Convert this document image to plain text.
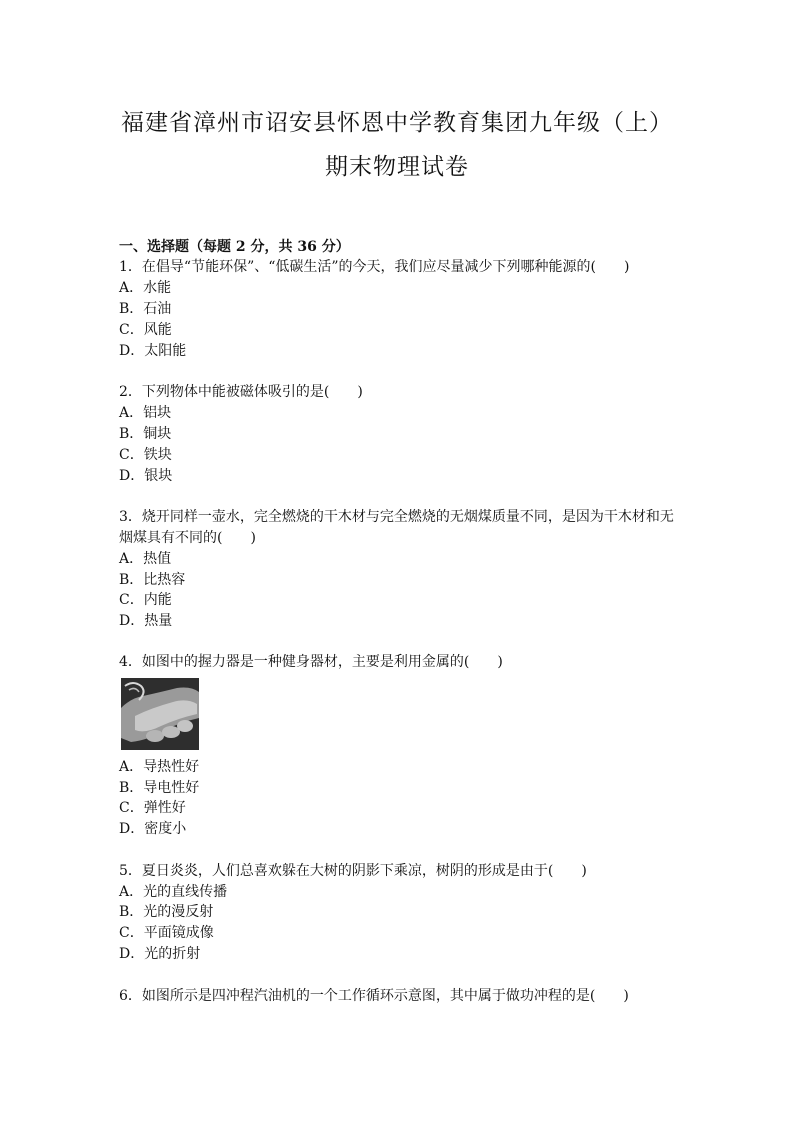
福建省漳州市诏安县怀恩中学教育集团九年级（上）
期末物理试卷
一、选择题（每题 2 分，共 36 分）
1．在倡导“节能环保”、“低碳生活”的今天，我们应尽量减少下列哪种能源的(　　)
A．水能
B．石油
C．风能
D．太阳能
2．下列物体中能被磁体吸引的是(　　)
A．铝块
B．铜块
C．铁块
D．银块
3．烧开同样一壶水，完全燃烧的干木材与完全燃烧的无烟煤质量不同，是因为干木材和无
烟煤具有不同的(　　)
A．热值
B．比热容
C．内能
D．热量
4．如图中的握力器是一种健身器材，主要是利用金属的(　　)
A．导热性好
B．导电性好
C．弹性好
D．密度小
5．夏日炎炎，人们总喜欢躲在大树的阴影下乘凉，树阴的形成是由于(　　)
A．光的直线传播
B．光的漫反射
C．平面镜成像
D．光的折射
6．如图所示是四冲程汽油机的一个工作循环示意图，其中属于做功冲程的是(　　)
